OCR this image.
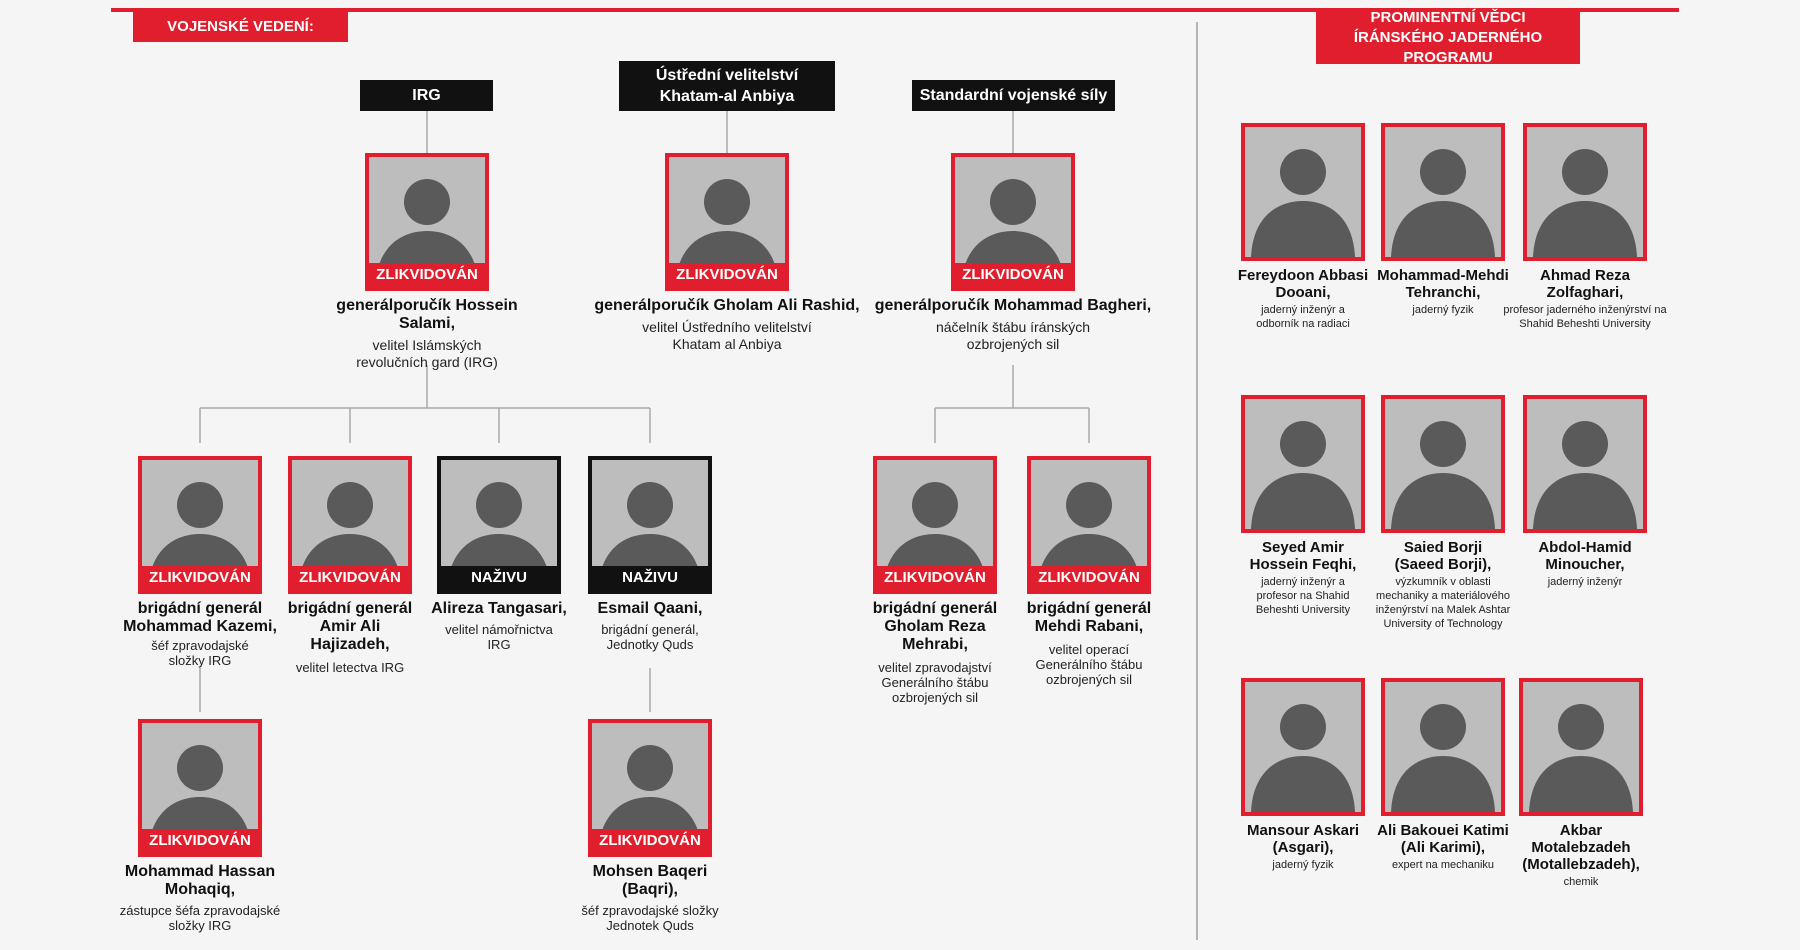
VOJENSKÉ VEDENÍ:
PROMINENTNÍ VĚDCI ÍRÁNSKÉHO JADERNÉHO PROGRAMU
IRG
Ústřední velitelství Khatam-al Anbiya	Standardní vojenské síly
ZLIKVIDOVÁN
generálporučík Hossein Salami,
velitel Islámských revolučních gard (IRG)
ZLIKVIDOVÁN
generálporučík Gholam Ali Rashid,
velitel Ústředního velitelství Khatam al Anbiya
ZLIKVIDOVÁN
generálporučík Mohammad Bagheri,
náčelník štábu íránských ozbrojených sil
ZLIKVIDOVÁN
brigádní generál Mohammad Kazemi,
šéf zpravodajské složky IRG
ZLIKVIDOVÁN
brigádní generál Amir Ali Hajizadeh,
velitel letectva IRG
NAŽIVU
Alireza Tangasari,
velitel námořnictva IRG
NAŽIVU
Esmail Qaani,
brigádní generál, Jednotky Quds
ZLIKVIDOVÁN
brigádní generál Gholam Reza Mehrabi,
velitel zpravodajství Generálního štábu ozbrojených sil
ZLIKVIDOVÁN
brigádní generál Mehdi Rabani,
velitel operací Generálního štábu ozbrojených sil
ZLIKVIDOVÁN
Mohammad Hassan Mohaqiq,
zástupce šéfa zpravodajské složky IRG
ZLIKVIDOVÁN
Mohsen Baqeri (Baqri),
šéf zpravodajské složky Jednotek Quds
Fereydoon Abbasi Dooani,
jaderný inženýr a odborník na radiaci
Mohammad-Mehdi Tehranchi,
jaderný fyzik
Ahmad Reza Zolfaghari,
profesor jaderného inženýrství na Shahid Beheshti University
Seyed Amir Hossein Feqhi,
jaderný inženýr a profesor na Shahid Beheshti University
Saied Borji (Saeed Borji),
výzkumník v oblasti mechaniky a materiálového inženýrství na Malek Ashtar University of Technology
Abdol-Hamid Minoucher,
jaderný inženýr
Mansour Askari (Asgari),
jaderný fyzik
Ali Bakouei Katimi (Ali Karimi),
expert na mechaniku
Akbar Motalebzadeh (Motallebzadeh),
chemik
